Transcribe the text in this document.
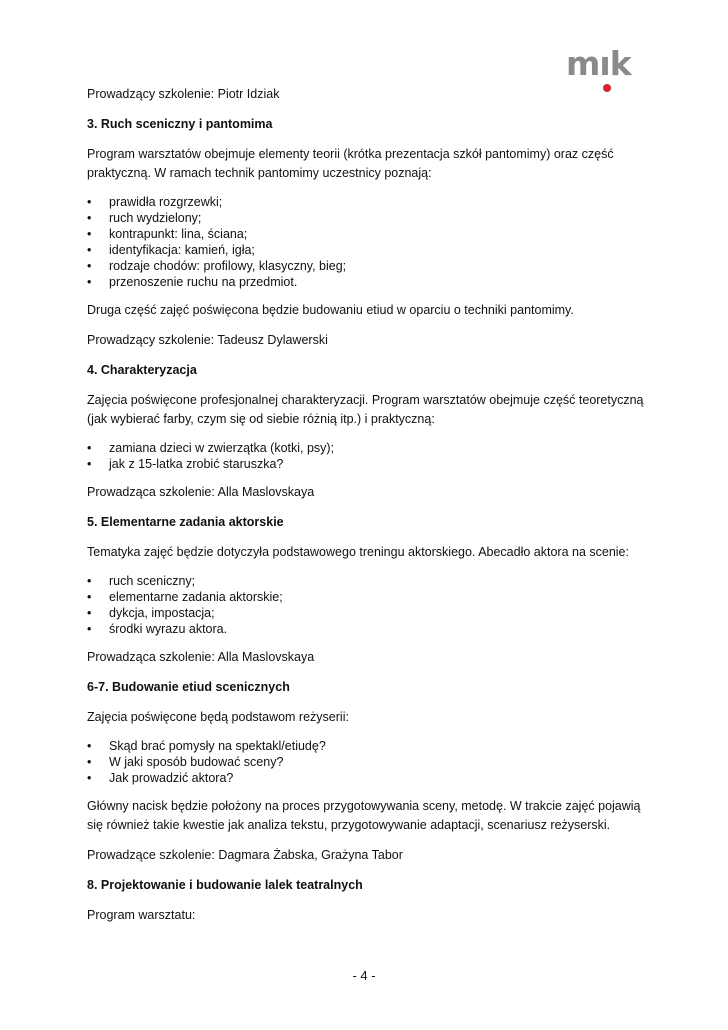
mık

Prowadzący szkolenie: Piotr Idziak

3. Ruch sceniczny i pantomima

Program warsztatów obejmuje elementy teorii (krótka prezentacja szkół pantomimy) oraz część praktyczną. W ramach technik pantomimy uczestnicy poznają:

• prawidła rozgrzewki;
• ruch wydzielony;
• kontrapunkt: lina, ściana;
• identyfikacja: kamień, igła;
• rodzaje chodów: profilowy, klasyczny, bieg;
• przenoszenie ruchu na przedmiot.

Druga część zajęć poświęcona będzie budowaniu etiud w oparciu o techniki pantomimy.

Prowadzący szkolenie: Tadeusz Dylawerski

4. Charakteryzacja

Zajęcia poświęcone profesjonalnej charakteryzacji. Program warsztatów obejmuje część teoretyczną (jak wybierać farby, czym się od siebie różnią itp.) i praktyczną:

• zamiana dzieci w zwierzątka (kotki, psy);
• jak z 15-latka zrobić staruszka?

Prowadząca szkolenie: Alla Maslovskaya

5. Elementarne zadania aktorskie

Tematyka zajęć będzie dotyczyła podstawowego treningu aktorskiego. Abecadło aktora na scenie:

• ruch sceniczny;
• elementarne zadania aktorskie;
• dykcja, impostacja;
• środki wyrazu aktora.

Prowadząca szkolenie: Alla Maslovskaya

6-7. Budowanie etiud scenicznych

Zajęcia poświęcone będą podstawom reżyserii:

• Skąd brać pomysły na spektakl/etiudę?
• W jaki sposób budować sceny?
• Jak prowadzić aktora?

Główny nacisk będzie położony na proces przygotowywania sceny, metodę. W trakcie zajęć pojawią się również takie kwestie jak analiza tekstu, przygotowywanie adaptacji, scenariusz reżyserski.

Prowadzące szkolenie: Dagmara Żabska, Grażyna Tabor

8. Projektowanie i budowanie lalek teatralnych

Program warsztatu:

- 4 -
